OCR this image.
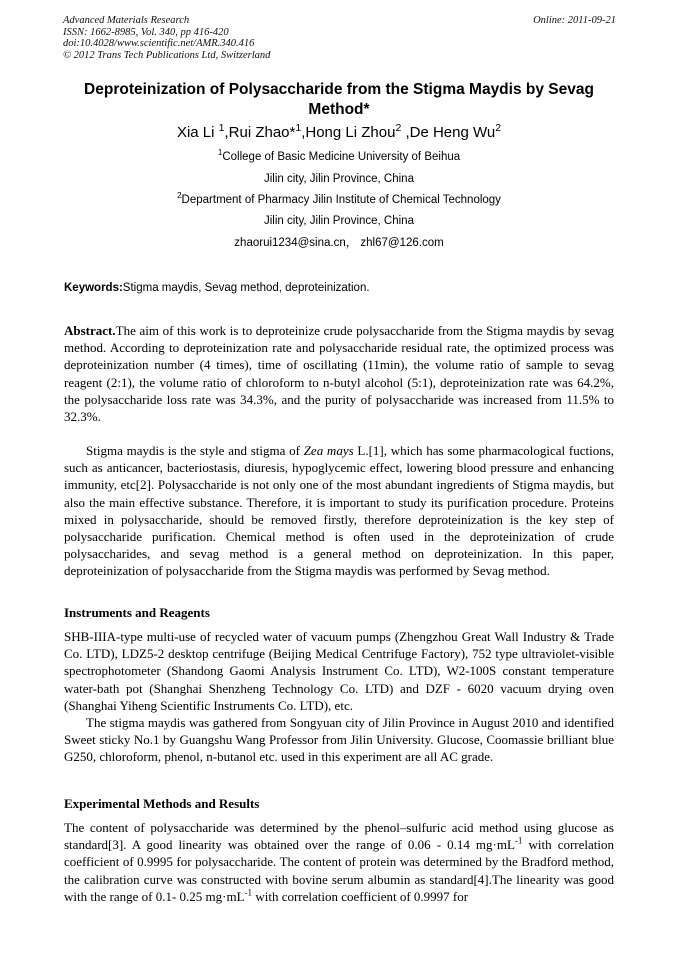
Advanced Materials Research
ISSN: 1662-8985, Vol. 340, pp 416-420
doi:10.4028/www.scientific.net/AMR.340.416
© 2012 Trans Tech Publications Ltd, Switzerland
Online: 2011-09-21
Deproteinization of Polysaccharide from the Stigma Maydis by Sevag Method*
Xia Li $^1$,Rui Zhao*$^1$,Hong Li Zhou$^2$ ,De Heng Wu$^2$
$^1$College of Basic Medicine University of Beihua
Jilin city, Jilin Province, China
$^2$Department of Pharmacy Jilin Institute of Chemical Technology
Jilin city, Jilin Province, China
zhaorui1234@sina.cn， zhl67@126.com
Keywords:Stigma maydis, Sevag method, deproteinization.

Abstract.The aim of this work is to deproteinize crude polysaccharide from the Stigma maydis by sevag method. According to deproteinization rate and polysaccharide residual rate, the optimized process was deproteinization number (4 times), time of oscillating (11min), the volume ratio of sample to sevag reagent (2:1), the volume ratio of chloroform to n-butyl alcohol (5:1), deproteinization rate was 64.2%, the polysaccharide loss rate was 34.3%, and the purity of polysaccharide was increased from 11.5% to 32.3%.

Stigma maydis is the style and stigma of Zea mays L.[1], which has some pharmacological fuctions, such as anticancer, bacteriostasis, diuresis, hypoglycemic effect, lowering blood pressure and enhancing immunity, etc[2]. Polysaccharide is not only one of the most abundant ingredients of Stigma maydis, but also the main effective substance. Therefore, it is important to study its purification procedure. Proteins mixed in polysaccharide, should be removed firstly, therefore deproteinization is the key step of polysaccharide purification. Chemical method is often used in the deproteinization of crude polysaccharides, and sevag method is a general method on deproteinization. In this paper, deproteinization of polysaccharide from the Stigma maydis was performed by Sevag method.

Instruments and Reagents

SHB-IIIA-type multi-use of recycled water of vacuum pumps (Zhengzhou Great Wall Industry & Trade Co. LTD), LDZ5-2 desktop centrifuge (Beijing Medical Centrifuge Factory), 752 type ultraviolet-visible spectrophotometer (Shandong Gaomi Analysis Instrument Co. LTD), W2-100S constant temperature water-bath pot (Shanghai Shenzheng Technology Co. LTD) and DZF - 6020 vacuum drying oven (Shanghai Yiheng Scientific Instruments Co. LTD), etc.

The stigma maydis was gathered from Songyuan city of Jilin Province in August 2010 and identified Sweet sticky No.1 by Guangshu Wang Professor from Jilin University. Glucose, Coomassie brilliant blue G250, chloroform, phenol, n-butanol etc. used in this experiment are all AC grade.

Experimental Methods and Results

The content of polysaccharide was determined by the phenol–sulfuric acid method using glucose as standard[3]. A good linearity was obtained over the range of 0.06 - 0.14 $mg\cdot mL^{-1}$ with correlation coefficient of 0.9995 for polysaccharide. The content of protein was determined by the Bradford method, the calibration curve was constructed with bovine serum albumin as standard[4].The linearity was good with the range of 0.1- 0.25 $mg\cdot mL^{-1}$ with correlation coefficient of 0.9997 for
